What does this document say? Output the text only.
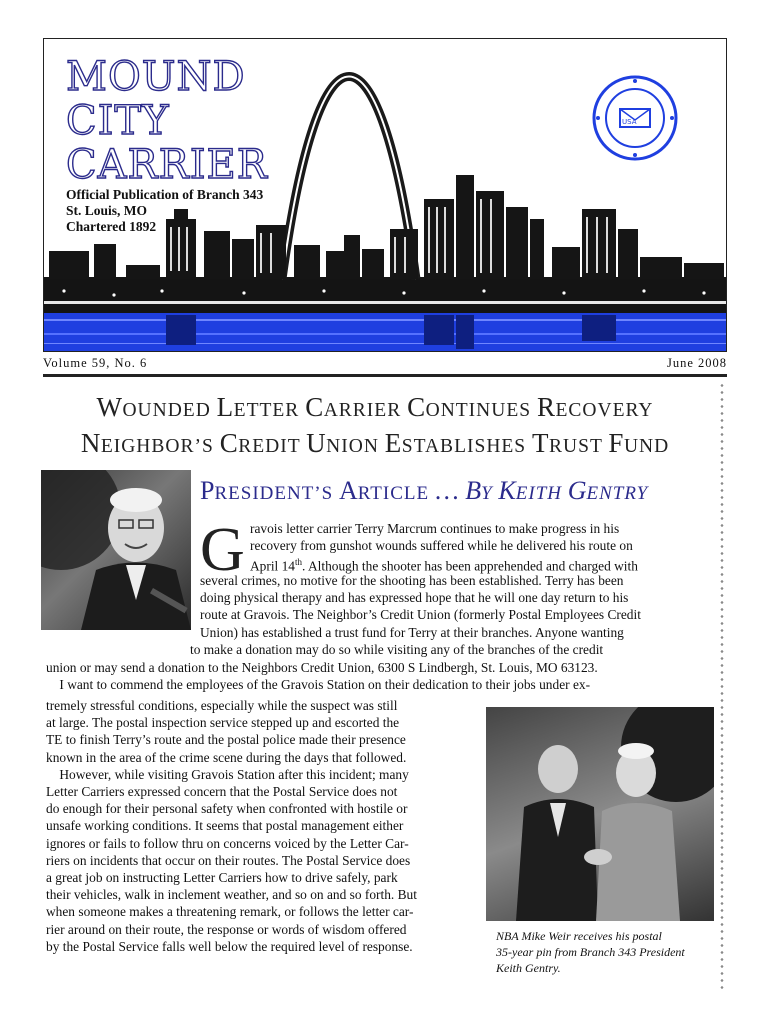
MOUND
CITY
CARRIER
Official Publication of Branch 343
St. Louis, MO
Chartered 1892
USA
Volume 59, No. 6	June 2008
WOUNDED LETTER CARRIER CONTINUES RECOVERY
NEIGHBOR’S CREDIT UNION ESTABLISHES TRUST FUND
PRESIDENT’S ARTICLE … BY KEITH GENTRY
NBA Mike Weir receives his postal
35-year pin from Branch 343 President
Keith Gentry.
G ravois letter carrier Terry Marcrum continues to make progress in his
recovery from gunshot wounds suffered while he delivered his route on
April 14th. Although the shooter has been apprehended and charged with
several crimes, no motive for the shooting has been established. Terry has been
doing physical therapy and has expressed hope that he will one day return to his
route at Gravois. The Neighbor’s Credit Union (formerly Postal Employees Credit
Union) has established a trust fund for Terry at their branches. Anyone wanting
to make a donation may do so while visiting any of the branches of the credit
union or may send a donation to the Neighbors Credit Union, 6300 S Lindbergh, St. Louis, MO 63123.
 I want to commend the employees of the Gravois Station on their dedication to their jobs under ex-
tremely stressful conditions, especially while the suspect was still
at large. The postal inspection service stepped up and escorted the
TE to finish Terry’s route and the postal police made their presence
known in the area of the crime scene during the days that followed.
 However, while visiting Gravois Station after this incident; many
Letter Carriers expressed concern that the Postal Service does not
do enough for their personal safety when confronted with hostile or
unsafe working conditions. It seems that postal management either
ignores or fails to follow thru on concerns voiced by the Letter Car-
riers on incidents that occur on their routes. The Postal Service does
a great job on instructing Letter Carriers how to drive safely, park
their vehicles, walk in inclement weather, and so on and so forth. But
when someone makes a threatening remark, or follows the letter car-
rier around on their route, the response or words of wisdom offered
by the Postal Service falls well below the required level of response.
